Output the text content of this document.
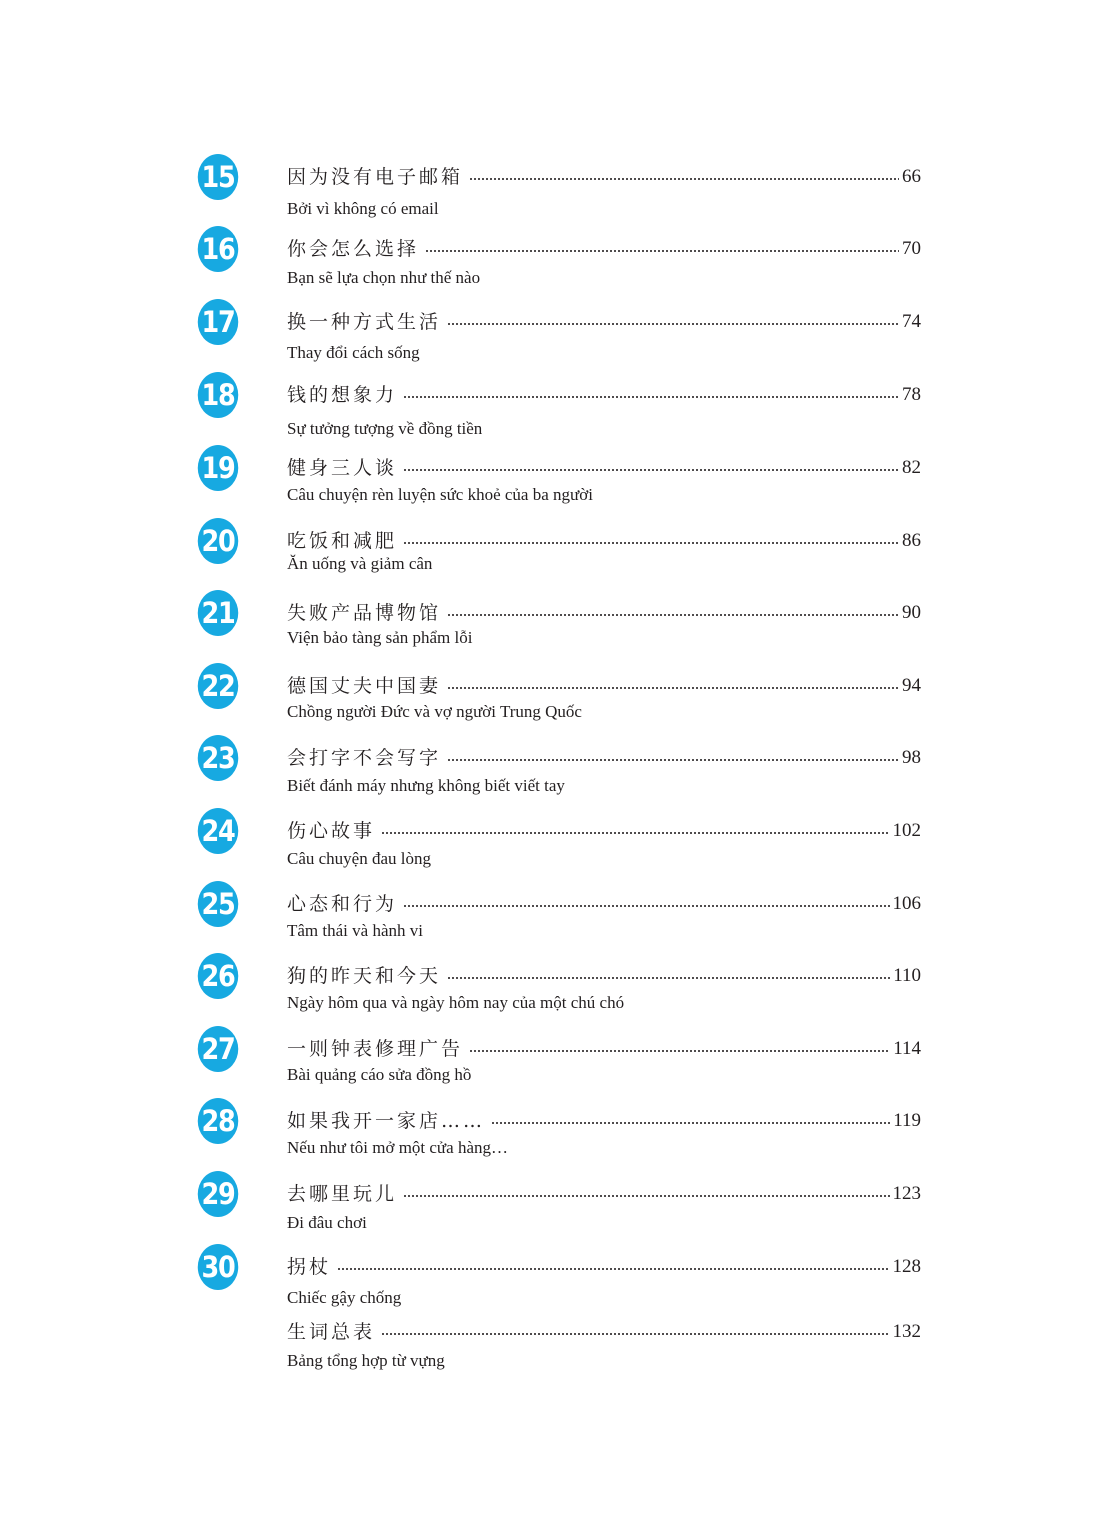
15	因为没有电子邮箱	66
Bởi vì không có email
16	你会怎么选择	70
Bạn sẽ lựa chọn như thế nào
17	换一种方式生活	74
Thay đổi cách sống
18	钱的想象力	78
Sự tưởng tượng về đồng tiền
19	健身三人谈	82
Câu chuyện rèn luyện sức khoẻ của ba người
20	吃饭和减肥	86
Ăn uống và giảm cân
21	失败产品博物馆	90
Viện bảo tàng sản phẩm lỗi
22	德国丈夫中国妻	94
Chồng người Đức và vợ người Trung Quốc
23	会打字不会写字	98
Biết đánh máy nhưng không biết viết tay
24	伤心故事	102
Câu chuyện đau lòng
25	心态和行为	106
Tâm thái và hành vi
26	狗的昨天和今天	110
Ngày hôm qua và ngày hôm nay của một chú chó
27	一则钟表修理广告	114
Bài quảng cáo sửa đồng hồ
28	如果我开一家店……	119
Nếu như tôi mở một cửa hàng…
29	去哪里玩儿	123
Đi đâu chơi
30	拐杖	128
Chiếc gậy chống
生词总表	132
Bảng tổng hợp từ vựng
